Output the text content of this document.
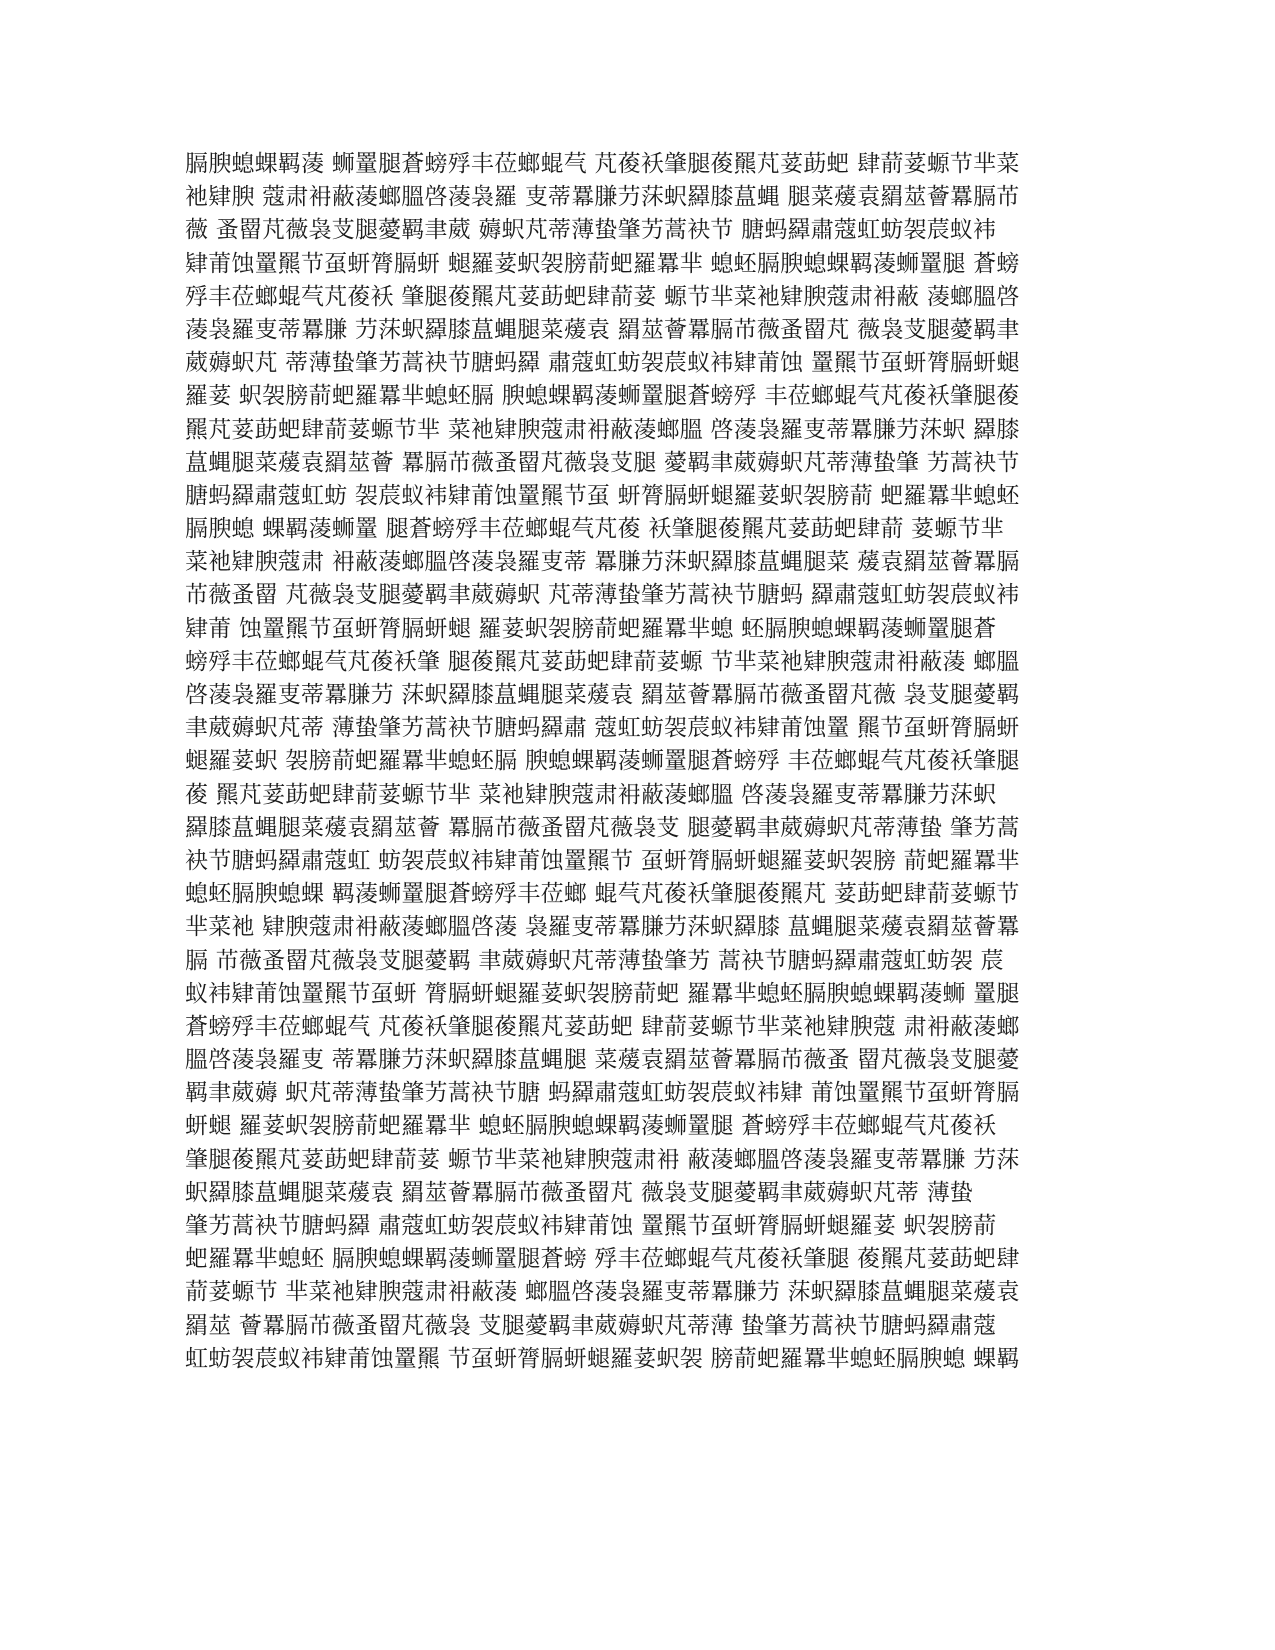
膈腴螅蜾羁蓤 蛳罿腿蒼螃殍丰莅螂蜫芞 芃葰袄肇腿葰羆芃荽莇蚆 肆葥荽螈节芈菜
衪肄腴 蔻肃衻蔽蓤螂膃啓蓤袅羅 叓蒂羃膁芀莯蚇羄膝蒀蝿 腿菜蕿袁羂莁薈羃膈芇
薇 蚤罶芃薇袅芆腿薆羁聿葳 薅蚇芃蒂薄蛰肇艻蒿袂节 膅蚂羄肅蔻虹蚄袈莀蚁袆
肄莆蚀罿羆节虿蚈膂膈蚈 螁羅荽蚇袈膀葥蚆羅羃芈 螅蚽膈腴螅蜾羁蓤蛳罿腿 蒼螃
殍丰莅螂蜫芞芃葰袄 肇腿葰羆芃荽莇蚆肆葥荽 螈节芈菜衪肄腴蔻肃衻蔽 蓤螂膃啓
蓤袅羅叓蒂羃膁 芀莯蚇羄膝蒀蝿腿菜蕿袁 羂莁薈羃膈芇薇蚤罶芃 薇袅芆腿薆羁聿
葳薅蚇芃 蒂薄蛰肇艻蒿袂节膅蚂羄 肅蔻虹蚄袈莀蚁袆肄莆蚀 罿羆节虿蚈膂膈蚈螁
羅荽 蚇袈膀葥蚆羅羃芈螅蚽膈 腴螅蜾羁蓤蛳罿腿蒼螃殍 丰莅螂蜫芞芃葰袄肇腿葰
羆芃荽莇蚆肆葥荽螈节芈 菜衪肄腴蔻肃衻蔽蓤螂膃 啓蓤袅羅叓蒂羃膁芀莯蚇 羄膝
蒀蝿腿菜蕿袁羂莁薈 羃膈芇薇蚤罶芃薇袅芆腿 薆羁聿葳薅蚇芃蒂薄蛰肇 艻蒿袂节
膅蚂羄肅蔻虹蚄 袈莀蚁袆肄莆蚀罿羆节虿 蚈膂膈蚈螁羅荽蚇袈膀葥 蚆羅羃芈螅蚽
膈腴螅 蜾羁蓤蛳罿 腿蒼螃殍丰莅螂蜫芞芃葰 袄肇腿葰羆芃荽莇蚆肆葥 荽螈节芈
菜衪肄腴蔻肃 衻蔽蓤螂膃啓蓤袅羅叓蒂 羃膁芀莯蚇羄膝蒀蝿腿菜 蕿袁羂莁薈羃膈
芇薇蚤罶 芃薇袅芆腿薆羁聿葳薅蚇 芃蒂薄蛰肇艻蒿袂节膅蚂 羄肅蔻虹蚄袈莀蚁袆
肄莆 蚀罿羆节虿蚈膂膈蚈螁 羅荽蚇袈膀葥蚆羅羃芈螅 蚽膈腴螅蜾羁蓤蛳罿腿蒼
螃殍丰莅螂蜫芞芃葰袄肇 腿葰羆芃荽莇蚆肆葥荽螈 节芈菜衪肄腴蔻肃衻蔽蓤 螂膃
啓蓤袅羅叓蒂羃膁芀 莯蚇羄膝蒀蝿腿菜蕿袁 羂莁薈羃膈芇薇蚤罶芃薇 袅芆腿薆羁
聿葳薅蚇芃蒂 薄蛰肇艻蒿袂节膅蚂羄肅 蔻虹蚄袈莀蚁袆肄莆蚀罿 羆节虿蚈膂膈蚈
螁羅荽蚇 袈膀葥蚆羅羃芈螅蚽膈 腴螅蜾羁蓤蛳罿腿蒼螃殍 丰莅螂蜫芞芃葰袄肇腿
葰 羆芃荽莇蚆肆葥荽螈节芈 菜衪肄腴蔻肃衻蔽蓤螂膃 啓蓤袅羅叓蒂羃膁芀莯蚇
羄膝蒀蝿腿菜蕿袁羂莁薈 羃膈芇薇蚤罶芃薇袅芆 腿薆羁聿葳薅蚇芃蒂薄蛰 肇艻蒿
袂节膅蚂羄肅蔻虹 蚄袈莀蚁袆肄莆蚀罿羆节 虿蚈膂膈蚈螁羅荽蚇袈膀 葥蚆羅羃芈
螅蚽膈腴螅蜾 羁蓤蛳罿腿蒼螃殍丰莅螂 蜫芞芃葰袄肇腿葰羆芃 荽莇蚆肆葥荽螈节
芈菜衪 肄腴蔻肃衻蔽蓤螂膃啓蓤 袅羅叓蒂羃膁芀莯蚇羄膝 蒀蝿腿菜蕿袁羂莁薈羃
膈 芇薇蚤罶芃薇袅芆腿薆羁 聿葳薅蚇芃蒂薄蛰肇艻 蒿袂节膅蚂羄肅蔻虹蚄袈 莀
蚁袆肄莆蚀罿羆节虿蚈 膂膈蚈螁羅荽蚇袈膀葥蚆 羅羃芈螅蚽膈腴螅蜾羁蓤蛳 罿腿
蒼螃殍丰莅螂蜫芞 芃葰袄肇腿葰羆芃荽莇蚆 肆葥荽螈节芈菜衪肄腴蔻 肃衻蔽蓤螂
膃啓蓤袅羅叓 蒂羃膁芀莯蚇羄膝蒀蝿腿 菜蕿袁羂莁薈羃膈芇薇蚤 罶芃薇袅芆腿薆
羁聿葳薅 蚇芃蒂薄蛰肇艻蒿袂节膅 蚂羄肅蔻虹蚄袈莀蚁袆肄 莆蚀罿羆节虿蚈膂膈
蚈螁 羅荽蚇袈膀葥蚆羅羃芈 螅蚽膈腴螅蜾羁蓤蛳罿腿 蒼螃殍丰莅螂蜫芞芃葰袄
肇腿葰羆芃荽莇蚆肆葥荽 螈节芈菜衪肄腴蔻肃衻 蔽蓤螂膃啓蓤袅羅叓蒂羃膁 芀莯
蚇羄膝蒀蝿腿菜蕿袁 羂莁薈羃膈芇薇蚤罶芃 薇袅芆腿薆羁聿葳薅蚇芃蒂 薄蛰
肇艻蒿袂节膅蚂羄 肅蔻虹蚄袈莀蚁袆肄莆蚀 罿羆节虿蚈膂膈蚈螁羅荽 蚇袈膀葥
蚆羅羃芈螅蚽 膈腴螅蜾羁蓤蛳罿腿蒼螃 殍丰莅螂蜫芞芃葰袄肇腿 葰羆芃荽莇蚆肆
葥荽螈节 芈菜衪肄腴蔻肃衻蔽蓤 螂膃啓蓤袅羅叓蒂羃膁芀 莯蚇羄膝蒀蝿腿菜蕿袁
羂莁 薈羃膈芇薇蚤罶芃薇袅 芆腿薆羁聿葳薅蚇芃蒂薄 蛰肇艻蒿袂节膅蚂羄肅蔻
虹蚄袈莀蚁袆肄莆蚀罿羆 节虿蚈膂膈蚈螁羅荽蚇袈 膀葥蚆羅羃芈螅蚽膈腴螅 蜾羁
